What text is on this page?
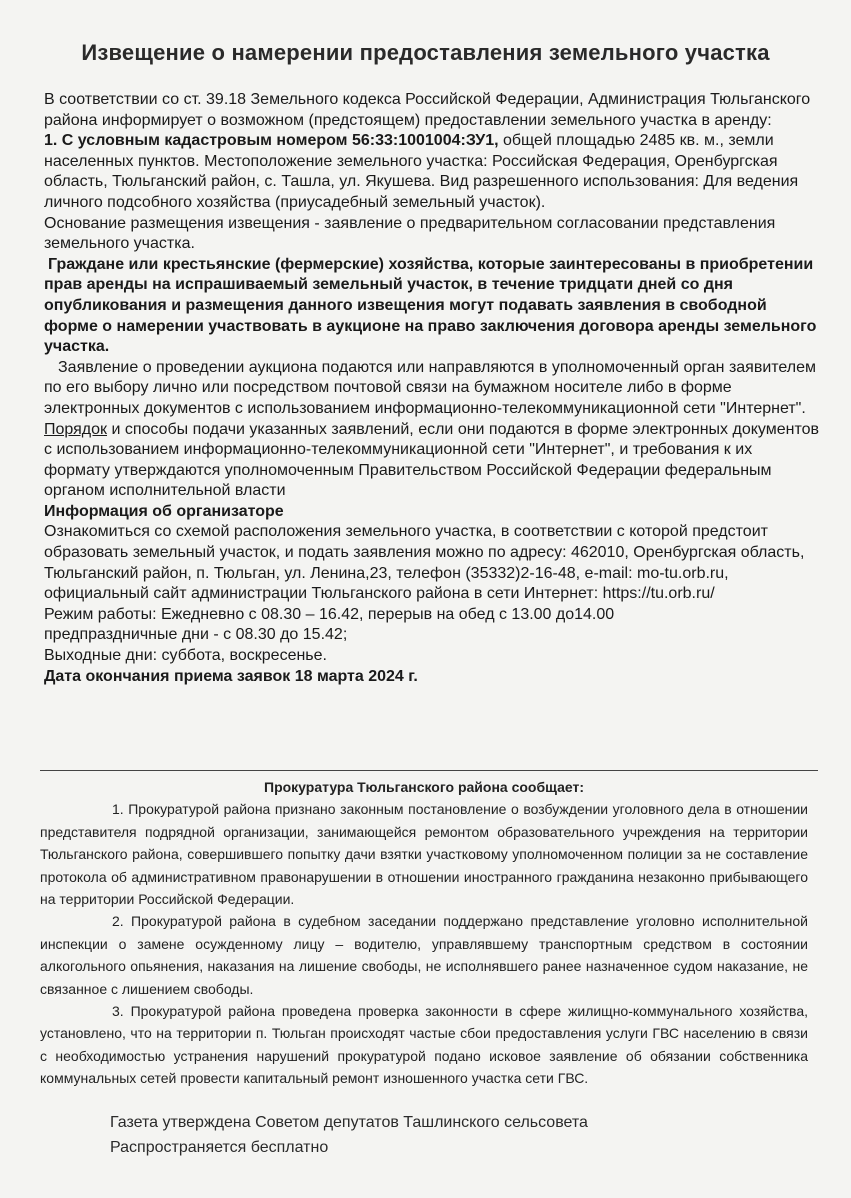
Извещение о намерении предоставления земельного участка

В соответствии со ст. 39.18 Земельного кодекса Российской Федерации, Администрация Тюльганского района информирует о возможном (предстоящем) предоставлении земельного участка в аренду:

1. С условным кадастровым номером 56:33:1001004:ЗУ1, общей площадью 2485 кв. м., земли населенных пунктов. Местоположение земельного участка: Российская Федерация, Оренбургская область, Тюльганский район, с. Ташла, ул. Якушева. Вид разрешенного использования: Для ведения личного подсобного хозяйства (приусадебный земельный участок).

Основание размещения извещения - заявление о предварительном согласовании представления земельного участка.

Граждане или крестьянские (фермерские) хозяйства, которые заинтересованы в приобретении прав аренды на испрашиваемый земельный участок, в течение тридцати дней со дня опубликования и размещения данного извещения могут подавать заявления в свободной форме о намерении участвовать в аукционе на право заключения договора аренды земельного участка.

Заявление о проведении аукциона подаются или направляются в уполномоченный орган заявителем по его выбору лично или посредством почтовой связи на бумажном носителе либо в форме электронных документов с использованием информационно-телекоммуникационной сети "Интернет". Порядок и способы подачи указанных заявлений, если они подаются в форме электронных документов с использованием информационно-телекоммуникационной сети "Интернет", и требования к их формату утверждаются уполномоченным Правительством Российской Федерации федеральным органом исполнительной власти

Информация об организаторе

Ознакомиться со схемой расположения земельного участка, в соответствии с которой предстоит образовать земельный участок, и подать заявления можно по адресу: 462010, Оренбургская область, Тюльганский район, п. Тюльган, ул. Ленина,23, телефон (35332)2-16-48, e-mail: mo-tu.orb.ru, официальный сайт администрации Тюльганского района в сети Интернет: https://tu.orb.ru/

Режим работы: Ежедневно с 08.30 – 16.42, перерыв на обед с 13.00 до14.00

предпраздничные дни - с 08.30 до 15.42;

Выходные дни: суббота, воскресенье.

Дата окончания приема заявок 18 марта 2024 г.

Прокуратура Тюльганского района сообщает:

1. Прокуратурой района признано законным постановление о возбуждении уголовного дела в отношении представителя подрядной организации, занимающейся ремонтом образовательного учреждения на территории Тюльганского района, совершившего попытку дачи взятки участковому уполномоченном полиции за не составление протокола об административном правонарушении в отношении иностранного гражданина незаконно прибывающего на территории Российской Федерации.

2. Прокуратурой района в судебном заседании поддержано представление уголовно исполнительной инспекции о замене осужденному лицу – водителю, управлявшему транспортным средством в состоянии алкогольного опьянения, наказания на лишение свободы, не исполнявшего ранее назначенное судом наказание, не связанное с лишением свободы.

3. Прокуратурой района проведена проверка законности в сфере жилищно-коммунального хозяйства, установлено, что на территории п. Тюльган происходят частые сбои предоставления услуги ГВС населению в связи с необходимостью устранения нарушений прокуратурой подано исковое заявление об обязании собственника коммунальных сетей провести капитальный ремонт изношенного участка сети ГВС.

Газета утверждена Советом депутатов Ташлинского сельсовета

Распространяется бесплатно
